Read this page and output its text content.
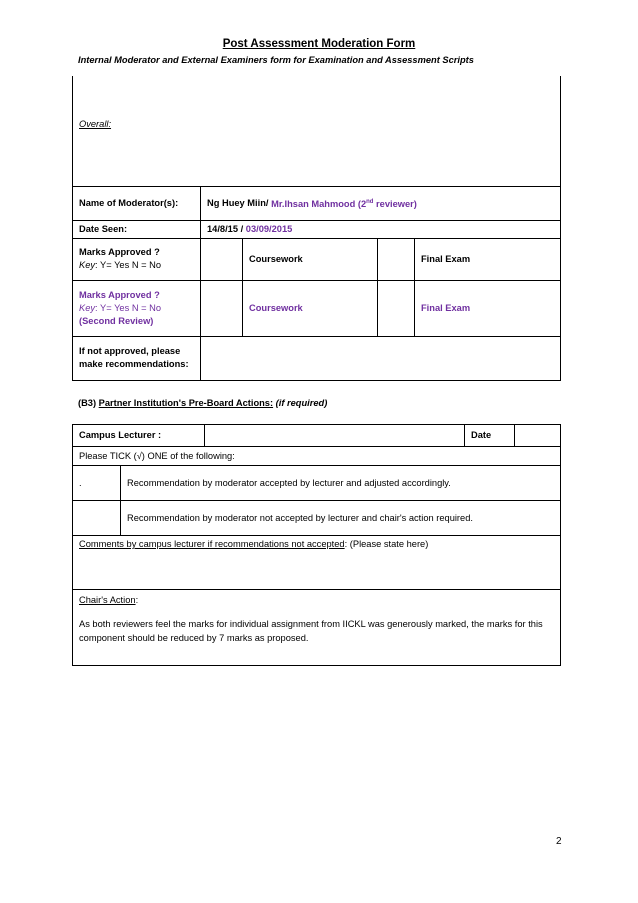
Post Assessment Moderation Form
Internal Moderator and External Examiners form for Examination and Assessment Scripts
Overall:				
Name of Moderator(s):	Ng Huey Miin/ Mr.Ihsan Mahmood (2nd reviewer)			
Date Seen:	14/8/15 / 03/09/2015			

Marks Approved ?
Key: Y= Yes N = No		Coursework		Final Exam

Marks Approved ?
Key: Y= Yes N = No
(Second Review)		Coursework		Final Exam
If not approved, please make recommendations:				
(B3) Partner Institution's Pre-Board Actions: (if required)
Campus Lecturer :			Date	
Please TICK (√) ONE of the following:				
.	Recommendation by moderator accepted by lecturer and adjusted accordingly.			
	Recommendation by moderator not accepted by lecturer and chair's action required.			
Comments by campus lecturer if recommendations not accepted: (Please state here)				

Chair's Action:
As both reviewers feel the marks for individual assignment from IICKL was generously marked, the marks for this component should be reduced by 7 marks as proposed.				
2
